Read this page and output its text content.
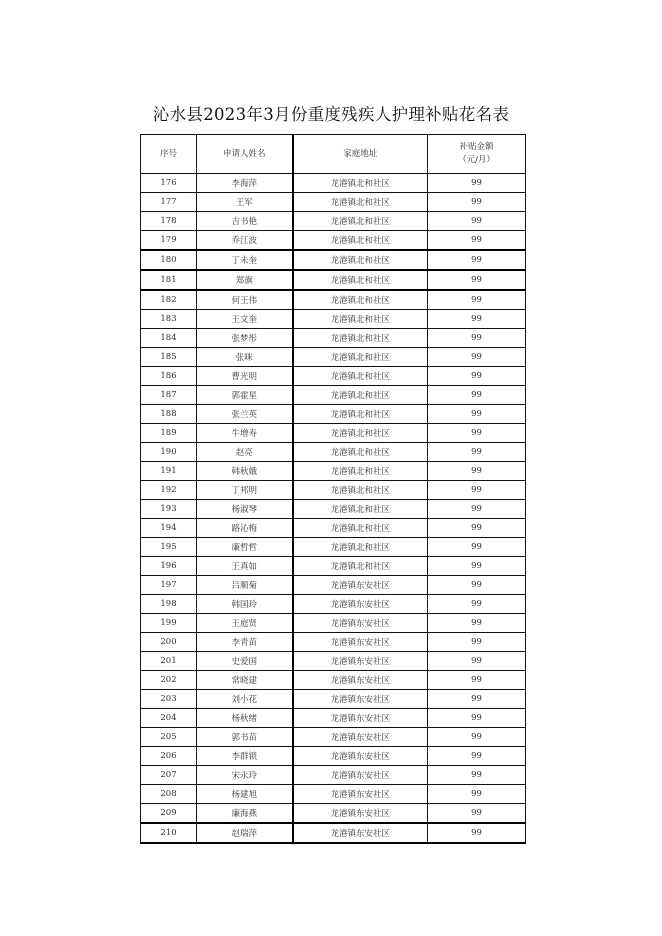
沁水县2023年3月份重度残疾人护理补贴花名表
序号	申请人姓名	家庭地址	补贴金额
（元/月）

176	李海萍	龙港镇北和社区	99
177	王军	龙港镇北和社区	99
178	吉书艳	龙港镇北和社区	99
179	乔江波	龙港镇北和社区	99
180	丁未奎	龙港镇北和社区	99
181	郑旗	龙港镇北和社区	99
182	何王伟	龙港镇北和社区	99
183	王文奎	龙港镇北和社区	99
184	张梦彤	龙港镇北和社区	99
185	张咪	龙港镇北和社区	99
186	曹光明	龙港镇北和社区	99
187	郭霍星	龙港镇北和社区	99
188	张兰英	龙港镇北和社区	99
189	牛增寿	龙港镇北和社区	99
190	赵亮	龙港镇北和社区	99
191	韩秋娥	龙港镇北和社区	99
192	丁邦明	龙港镇北和社区	99
193	杨淑琴	龙港镇北和社区	99
194	路沁梅	龙港镇北和社区	99
195	廉哲哲	龙港镇北和社区	99
196	王真如	龙港镇北和社区	99
197	吕顺菊	龙港镇东安社区	99
198	韩国玲	龙港镇东安社区	99
199	王庭贤	龙港镇东安社区	99
200	李青苗	龙港镇东安社区	99
201	史爱国	龙港镇东安社区	99
202	常晓建	龙港镇东安社区	99
203	刘小花	龙港镇东安社区	99
204	杨秋绪	龙港镇东安社区	99
205	郭书苗	龙港镇东安社区	99
206	李群锁	龙港镇东安社区	99
207	宋永玲	龙港镇东安社区	99
208	杨建旭	龙港镇东安社区	99
209	廉海燕	龙港镇东安社区	99
210	赵瑞萍	龙港镇东安社区	99
